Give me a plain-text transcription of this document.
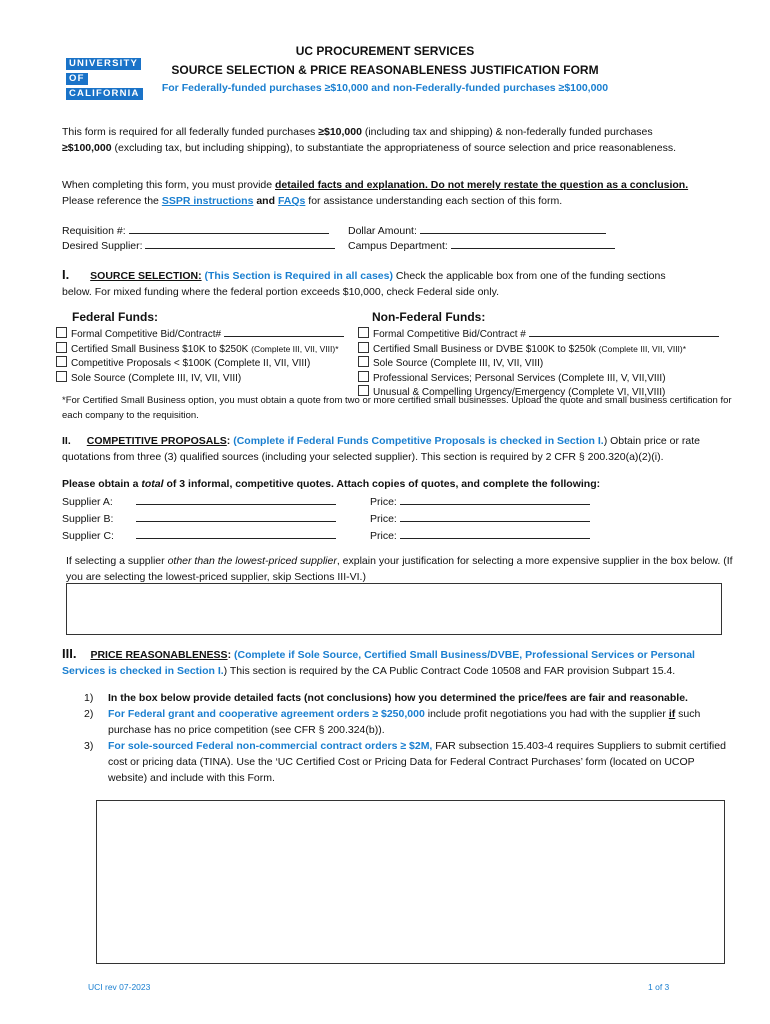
UNIVERSITY
OF
CALIFORNIA
UC PROCUREMENT SERVICES
SOURCE SELECTION & PRICE REASONABLENESS JUSTIFICATION FORM
For Federally-funded purchases ≥$10,000 and non-Federally-funded purchases ≥$100,000
This form is required for all federally funded purchases ≥$10,000 (including tax and shipping) & non-federally funded purchases
≥$100,000 (excluding tax, but including shipping), to substantiate the appropriateness of source selection and price reasonableness.
When completing this form, you must provide detailed facts and explanation. Do not merely restate the question as a conclusion.
Please reference the SSPR instructions and FAQs for assistance understanding each section of this form.
Requisition #:	Dollar Amount:
Desired Supplier:	Campus Department:
I. SOURCE SELECTION: (This Section is Required in all cases) Check the applicable box from one of the funding sections
below. For mixed funding where the federal portion exceeds $10,000, check Federal side only.
Federal Funds:	Non-Federal Funds:
Formal Competitive Bid/Contract#
Certified Small Business $10K to $250K (Complete III, VII, VIII)*
Competitive Proposals < $100K (Complete II, VII, VIII)
Sole Source (Complete III, IV, VII, VIII)
Formal Competitive Bid/Contract #
Certified Small Business or DVBE $100K to $250k (Complete III, VII, VIII)*
Sole Source (Complete III, IV, VII, VIII)
Professional Services; Personal Services (Complete III, V, VII,VIII)
Unusual & Compelling Urgency/Emergency (Complete VI, VII,VIII)
*For Certified Small Business option, you must obtain a quote from two or more certified small businesses. Upload the quote and small business certification for each company to the requisition.
II. COMPETITIVE PROPOSALS: (Complete if Federal Funds Competitive Proposals is checked in Section I.) Obtain price or rate quotations from three (3) qualified sources (including your selected supplier). This section is required by 2 CFR § 200.320(a)(2)(i).
Please obtain a total of 3 informal, competitive quotes. Attach copies of quotes, and complete the following:
Supplier A:	Price:
Supplier B:	Price:
Supplier C:	Price:
If selecting a supplier other than the lowest-priced supplier, explain your justification for selecting a more expensive supplier in the box below. (If you are selecting the lowest-priced supplier, skip Sections III-VI.)
III. PRICE REASONABLENESS: (Complete if Sole Source, Certified Small Business/DVBE, Professional Services or Personal Services is checked in Section I.) This section is required by the CA Public Contract Code 10508 and FAR provision Subpart 15.4.
1) In the box below provide detailed facts (not conclusions) how you determined the price/fees are fair and reasonable.
2) For Federal grant and cooperative agreement orders ≥ $250,000 include profit negotiations you had with the supplier if such purchase has no price competition (see CFR § 200.324(b)).
3) For sole-sourced Federal non-commercial contract orders ≥ $2M, FAR subsection 15.403-4 requires Suppliers to submit certified cost or pricing data (TINA). Use the ‘UC Certified Cost or Pricing Data for Federal Contract Purchases’ form (located on UCOP website) and include with this Form.
UCI rev 07-2023	1 of 3
